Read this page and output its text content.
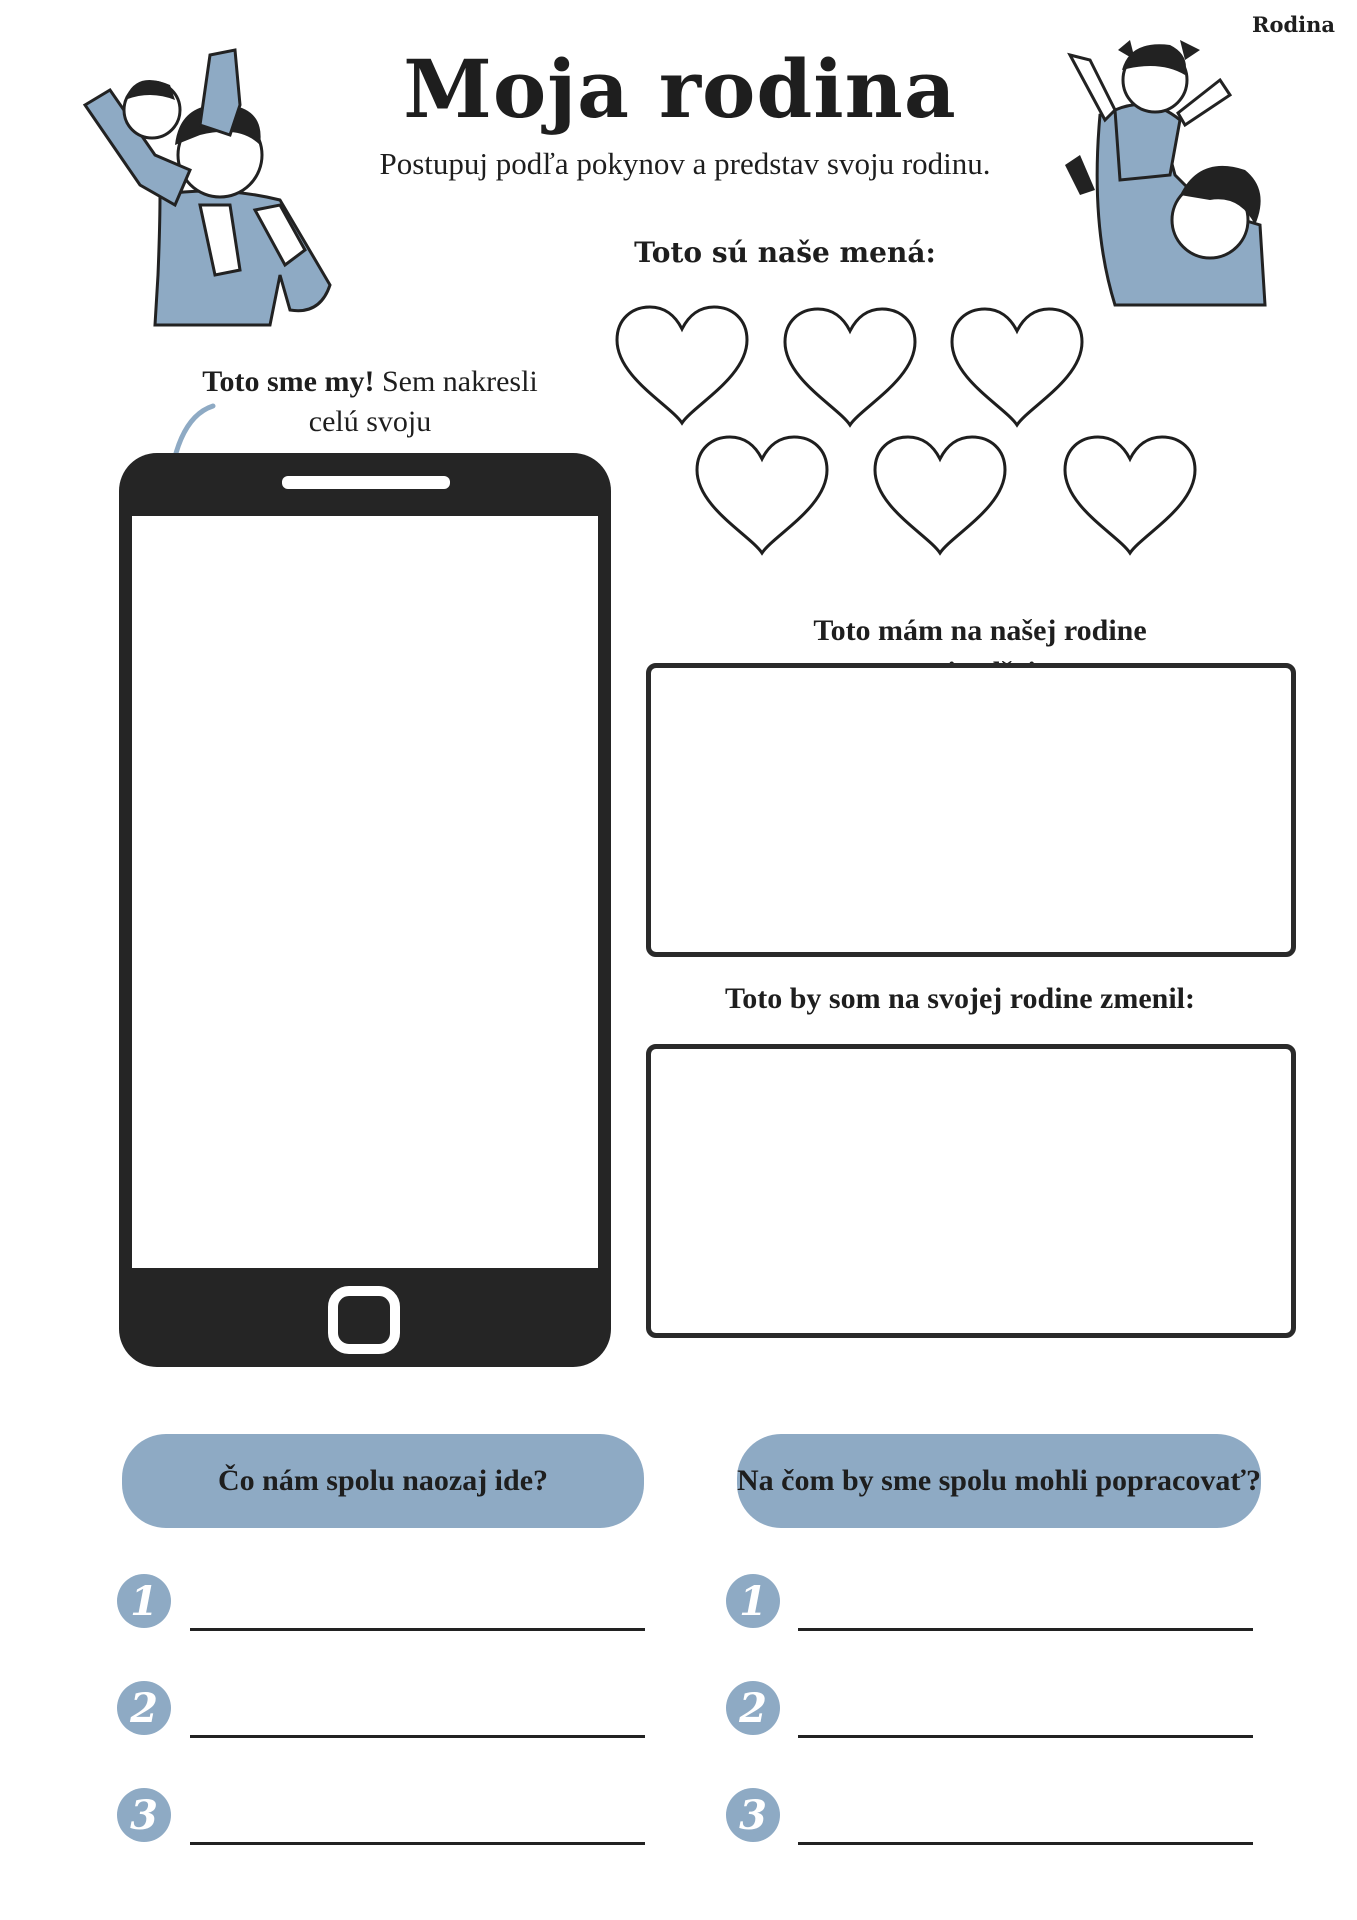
Rodina
Moja rodina
Postupuj podľa pokynov a predstav svoju rodinu.
Toto sú naše mená:
Toto sme my! Sem nakresli celú svoju
Toto mám na našej rodine
Toto by som na svojej rodine zmenil:
Čo nám spolu naozaj ide?	Na čom by sme spolu mohli popracovať?
1
2
3
1
2
3
